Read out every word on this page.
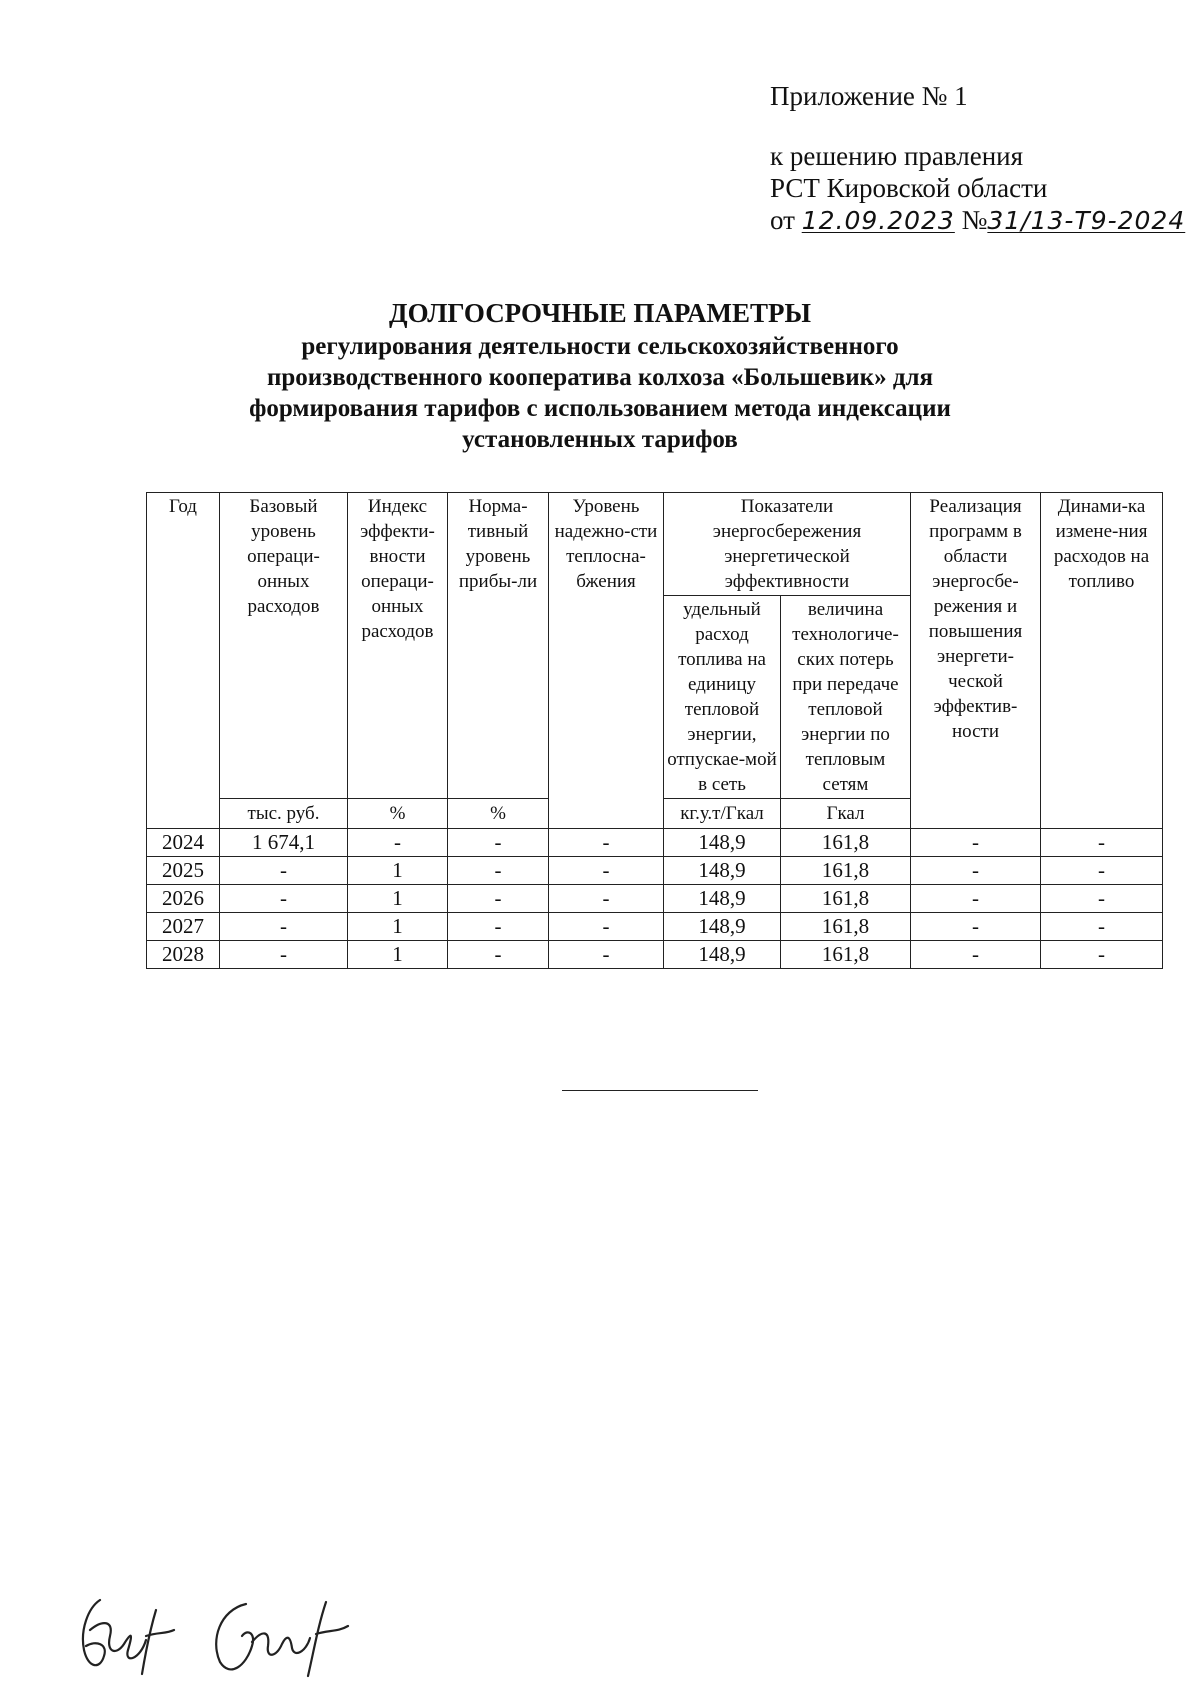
Приложение № 1
к решению правления
РСТ Кировской области
от 12.09.2023 №31/13-Т9-2024
ДОЛГОСРОЧНЫЕ ПАРАМЕТРЫ
регулирования деятельности сельскохозяйственного
производственного кооператива колхоза «Большевик» для
формирования тарифов с использованием метода индексации
установленных тарифов
Год	Базовый уровень операци-онных расходов	Индекс эффекти-вности операци-онных расходов	Норма-тивный уровень прибы-ли	Уровень надежно-сти теплосна-бжения	Показатели энергосбережения энергетической эффективности		Реализация программ в области энергосбе-режения и повышения энергети-ческой эффектив-ности	Динами-ка измене-ния расходов на топливо
					удельный расход топлива на единицу тепловой энергии, отпускае-мой в сеть	величина технологиче-ских потерь при передаче тепловой энергии по тепловым сетям		
	тыс. руб.	%	%		кг.у.т/Гкал	Гкал		
2024	1 674,1	-	-	-	148,9	161,8	-	-
2025	-	1	-	-	148,9	161,8	-	-
2026	-	1	-	-	148,9	161,8	-	-
2027	-	1	-	-	148,9	161,8	-	-
2028	-	1	-	-	148,9	161,8	-	-
